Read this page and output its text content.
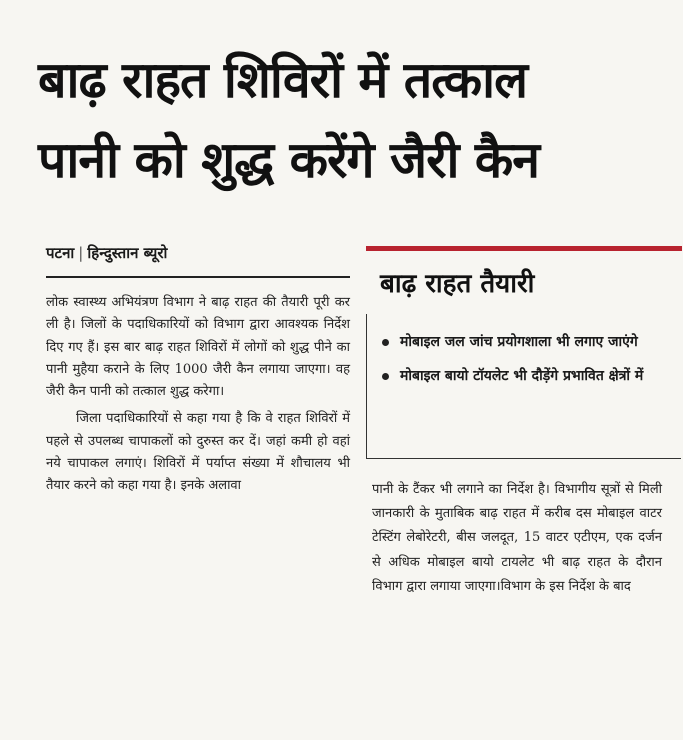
बाढ़ राहत शिविरों में तत्काल
पानी को शुद्ध करेंगे जैरी कैन
पटना | हिन्दुस्तान ब्यूरो

लोक स्वास्थ्य अभियंत्रण विभाग ने बाढ़ राहत की तैयारी पूरी कर ली है। जिलों के पदाधिकारियों को विभाग द्वारा आवश्यक निर्देश दिए गए हैं। इस बार बाढ़ राहत शिविरों में लोगों को शुद्ध पीने का पानी मुहैया कराने के लिए 1000 जैरी कैन लगाया जाएगा। वह जैरी कैन पानी को तत्काल शुद्ध करेगा।

जिला पदाधिकारियों से कहा गया है कि वे राहत शिविरों में पहले से उपलब्ध चापाकलों को दुरुस्त कर दें। जहां कमी हो वहां नये चापाकल लगाएं। शिविरों में पर्याप्त संख्या में शौचालय भी तैयार करने को कहा गया है। इनके अलावा

बाढ़ राहत तैयारी
मोबाइल जल जांच प्रयोगशाला भी लगाए जाएंगे
मोबाइल बायो टॉयलेट भी दौड़ेंगे प्रभावित क्षेत्रों में

पानी के टैंकर भी लगाने का निर्देश है। विभागीय सूत्रों से मिली जानकारी के मुताबिक बाढ़ राहत में करीब दस मोबाइल वाटर टेस्टिंग लेबोरेटरी, बीस जलदूत, 15 वाटर एटीएम, एक दर्जन से अधिक मोबाइल बायो टायलेट भी बाढ़ राहत के दौरान विभाग द्वारा लगाया जाएगा।विभाग के इस निर्देश के बाद
